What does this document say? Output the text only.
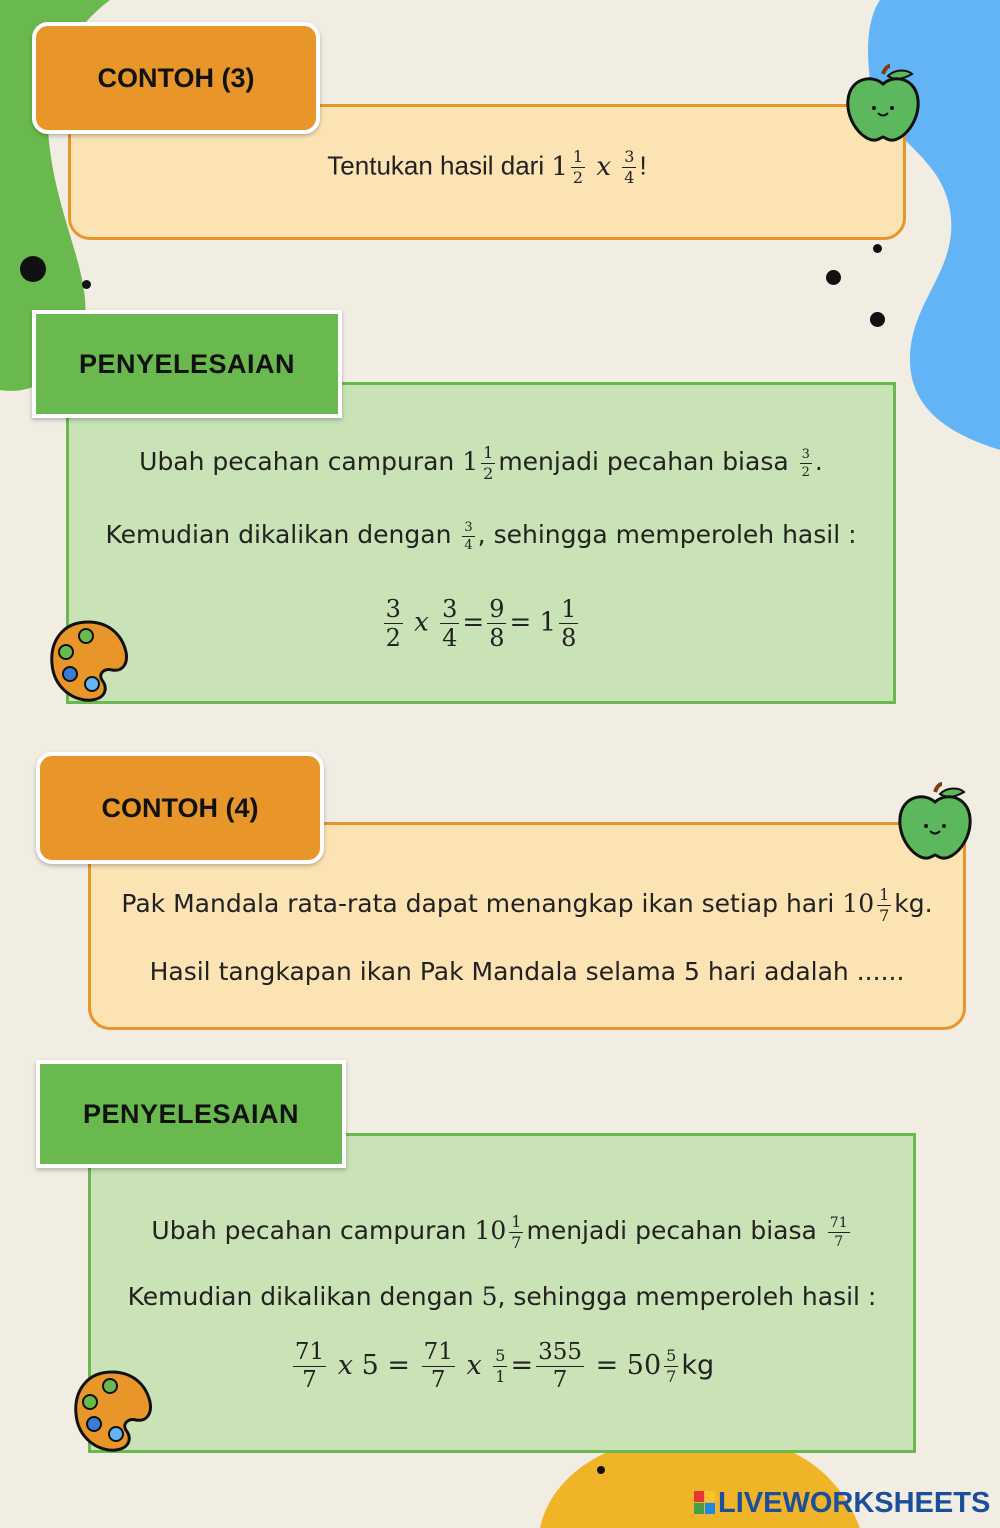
Tentukan hasil dari $1 \frac{1}{2}$ x $\frac{3}{4}$ !
CONTOH (3)
Ubah pecahan campuran $1 \frac{1}{2}$ menjadi pecahan biasa $\frac{3}{2}$ .
Kemudian dikalikan dengan $\frac{3}{4}$ , sehingga memperoleh hasil :
$\frac{3}{2}$ x $\frac{3}{4} = \frac{9}{8} = 1 \frac{1}{8}$
PENYELESAIAN
Pak Mandala rata-rata dapat menangkap ikan setiap hari $10 \frac{1}{7}$ kg.
Hasil tangkapan ikan Pak Mandala selama 5 hari adalah ......
CONTOH (4)
Ubah pecahan campuran $10 \frac{1}{7}$ menjadi pecahan biasa $\frac{71}{7}$
Kemudian dikalikan dengan 5, sehingga memperoleh hasil :
$\frac{71}{7}$ x $5 = \frac{71}{7}$ x $\frac{5}{1} = \frac{355}{7} = 50 \frac{5}{7}$ kg
PENYELESAIAN
LIVEWORKSHEETS
